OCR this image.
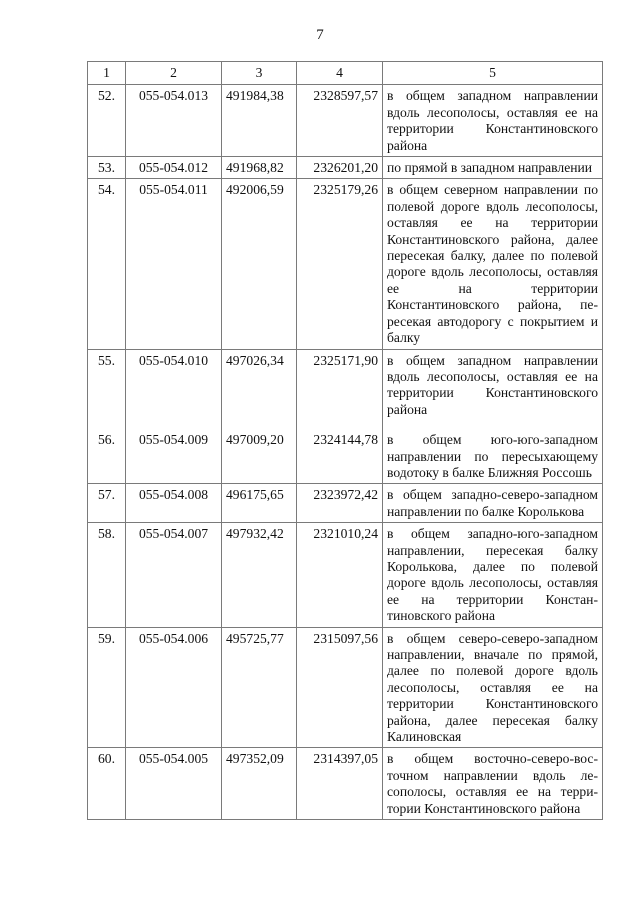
7
1	2	3	4	5
52.	055-054.013	491984,38	2328597,57	в общем западном направлении вдоль лесополосы, оставляя ее на территории Константиновского района
53.	055-054.012	491968,82	2326201,20	по прямой в западном направлении
54.	055-054.011	492006,59	2325179,26	в общем северном направлении по полевой дороге вдоль лесополосы, оставляя ее на территории Константиновского района, далее пересекая балку, далее по полевой дороге вдоль лесополосы, оставляя ее на территории Константиновского района, пересекая автодорогу с покрытием и балку
55.	055-054.010	497026,34	2325171,90	в общем западном направлении вдоль лесополосы, оставляя ее на территории Константиновского района
56.	055-054.009	497009,20	2324144,78	в общем юго-юго-западном направлении по пересыхающему водотоку в балке Ближняя Россошь
57.	055-054.008	496175,65	2323972,42	в общем западно-северо-западном направлении по балке Королькова
58.	055-054.007	497932,42	2321010,24	в общем западно-юго-западном направлении, пересекая балку Королькова, далее по полевой дороге вдоль лесополосы, оставляя ее на территории Константиновского района
59.	055-054.006	495725,77	2315097,56	в общем северо-северо-западном направлении, вначале по прямой, далее по полевой дороге вдоль лесополосы, оставляя ее на территории Константиновского района, далее пересекая балку Калиновская
60.	055-054.005	497352,09	2314397,05	в общем восточно-северо-восточном направлении вдоль лесополосы, оставляя ее на территории Константиновского района
